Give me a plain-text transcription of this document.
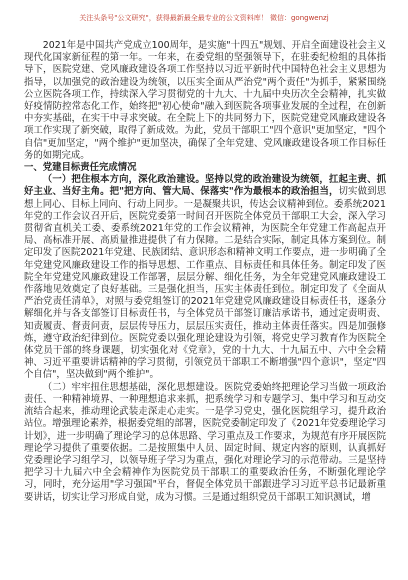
关注头条号"公文研究"，获得最新最全最专业的公文资料库！ 微信：gongwenzj

2021年是中国共产党成立100周年，是实施"十四五"规划、开启全面建设社会主义现代化国家新征程的第一年。一年来，在委党组的坚强领导下，在驻委纪检组的具体指导下，医院党建、党风廉政建设各项工作坚持以习近平新时代中国特色社会主义思想为指导，以加强党的政治建设为统领，以压实全面从严治党"两个责任"为抓手，紧紧围绕公立医院各项工作，持续深入学习贯彻党的十九大、十九届中央历次全会精神，扎实做好疫情防控常态化工作，始终把"初心使命"融入到医院各项事业发展的全过程，在创新中夯实基础，在实干中寻求突破。在全院上下的共同努力下，医院党建党风廉政建设各项工作实现了新突破，取得了新成效。为此，党员干部职工"四个意识"更加坚定，"四个自信"更加坚定，"两个维护"更加坚决，确保了全年党建、党风廉政建设各项工作目标任务的如期完成。

一、党建目标责任完成情况

（一）把住根本方向，深化政治建设。坚持以党的政治建设为统领，扛起主责、抓好主业、当好主角。把"把方向、管大局、保落实"作为最根本的政治担当，切实做到思想上同心、目标上同向、行动上同步。一是凝聚共识，传达会议精神到位。委系统2021年党的工作会议召开后，医院党委第一时间召开医院全体党员干部职工大会，深入学习贯彻省直机关工委、委系统2021年党的工作会议精神，为医院全年党建工作高起点开局、高标准开展、高质量推进提供了有力保障。二是结合实际，制定具体方案到位。制定印发了医院2021年党建、民族团结、意识形态和精神文明工作要点，进一步明确了全年党建党风廉政建设工作的指导思想、工作重点、目标责任和具体任务。制定印发了医院全年党建党风廉政建设工作部署，层层分解、细化任务，为全年党建党风廉政建设工作落地见效奠定了良好基础。三是强化担当，压实主体责任到位。制定印发了《全面从严治党责任清单》，对照与委党组签订的2021年党建党风廉政建设目标责任书，逐条分解细化并与各支部签订目标责任书，与全体党员干部签订廉洁承诺书，通过定责明责、知责履责、督责问责，层层传导压力，层层压实责任，推动主体责任落实。四是加强修炼，遵守政治纪律到位。医院党委以强化理论建设为引领，将党史学习教育作为医院全体党员干部的终身课题，切实强化对《党章》，党的十九大、十九届五中、六中全会精神、习近平重要讲话精神的学习贯彻，引领党员干部职工不断增强"四个意识"，坚定"四个自信"，坚决做到"两个维护"。

（二）牢牢扭住思想基础，深化思想建设。医院党委始终把理论学习当做一项政治责任、一种精神境界、一种理想追求来抓，把系统学习和专题学习、集中学习和互动交流结合起来，推动理论武装走深走心走实。一是学习党史，强化医院组学习，提升政治站位。增强理论素养，根据委党组的部署，医院党委制定印发了《2021年党委理论学习计划》，进一步明确了理论学习的总体思路、学习重点及工作要求，为规范有序开展医院理论学习提供了重要依据。二是按照集中人员、固定时间、规定内容的原则，认真抓好党委理论学习组学习，以领导班子学习为重点，强化对理论学习的示范带动。三是坚持把学习十九届六中全会精神作为医院党员干部职工的重要政治任务，不断强化理论学习，同时，充分运用"学习强国"平台，督促全体党员干部跟进学习习近平总书记最新重要讲话，切实让学习形成自觉，成为习惯。三是通过组织党员干部职工知识测试，增
